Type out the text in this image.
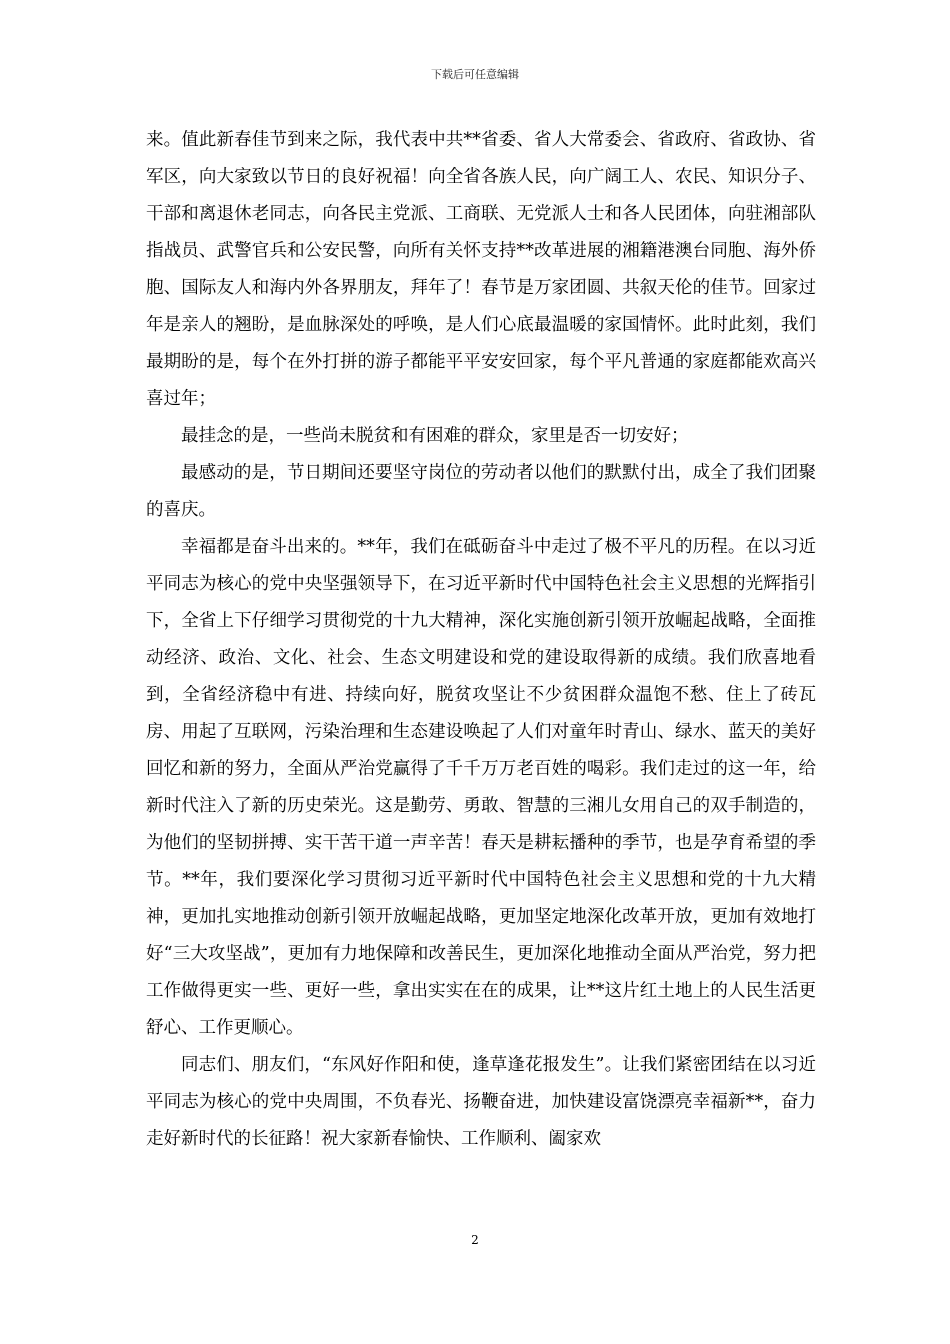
下载后可任意编辑

来。值此新春佳节到来之际，我代表中共**省委、省人大常委会、省政府、省政协、省军区，向大家致以节日的良好祝福！向全省各族人民，向广阔工人、农民、知识分子、干部和离退休老同志，向各民主党派、工商联、无党派人士和各人民团体，向驻湘部队指战员、武警官兵和公安民警，向所有关怀支持**改革进展的湘籍港澳台同胞、海外侨胞、国际友人和海内外各界朋友，拜年了！春节是万家团圆、共叙天伦的佳节。回家过年是亲人的翘盼，是血脉深处的呼唤，是人们心底最温暖的家国情怀。此时此刻，我们最期盼的是，每个在外打拼的游子都能平平安安回家，每个平凡普通的家庭都能欢高兴喜过年；

最挂念的是，一些尚未脱贫和有困难的群众，家里是否一切安好；

最感动的是，节日期间还要坚守岗位的劳动者以他们的默默付出，成全了我们团聚的喜庆。

幸福都是奋斗出来的。**年，我们在砥砺奋斗中走过了极不平凡的历程。在以习近平同志为核心的党中央坚强领导下，在习近平新时代中国特色社会主义思想的光辉指引下，全省上下仔细学习贯彻党的十九大精神，深化实施创新引领开放崛起战略，全面推动经济、政治、文化、社会、生态文明建设和党的建设取得新的成绩。我们欣喜地看到，全省经济稳中有进、持续向好，脱贫攻坚让不少贫困群众温饱不愁、住上了砖瓦房、用起了互联网，污染治理和生态建设唤起了人们对童年时青山、绿水、蓝天的美好回忆和新的努力，全面从严治党赢得了千千万万老百姓的喝彩。我们走过的这一年，给新时代注入了新的历史荣光。这是勤劳、勇敢、智慧的三湘儿女用自己的双手制造的，为他们的坚韧拼搏、实干苦干道一声辛苦！春天是耕耘播种的季节，也是孕育希望的季节。**年，我们要深化学习贯彻习近平新时代中国特色社会主义思想和党的十九大精神，更加扎实地推动创新引领开放崛起战略，更加坚定地深化改革开放，更加有效地打好“三大攻坚战”，更加有力地保障和改善民生，更加深化地推动全面从严治党，努力把工作做得更实一些、更好一些，拿出实实在在的成果，让**这片红土地上的人民生活更舒心、工作更顺心。

同志们、朋友们，“东风好作阳和使，逢草逢花报发生”。让我们紧密团结在以习近平同志为核心的党中央周围，不负春光、扬鞭奋进，加快建设富饶漂亮幸福新**，奋力走好新时代的长征路！祝大家新春愉快、工作顺利、阖家欢

2
